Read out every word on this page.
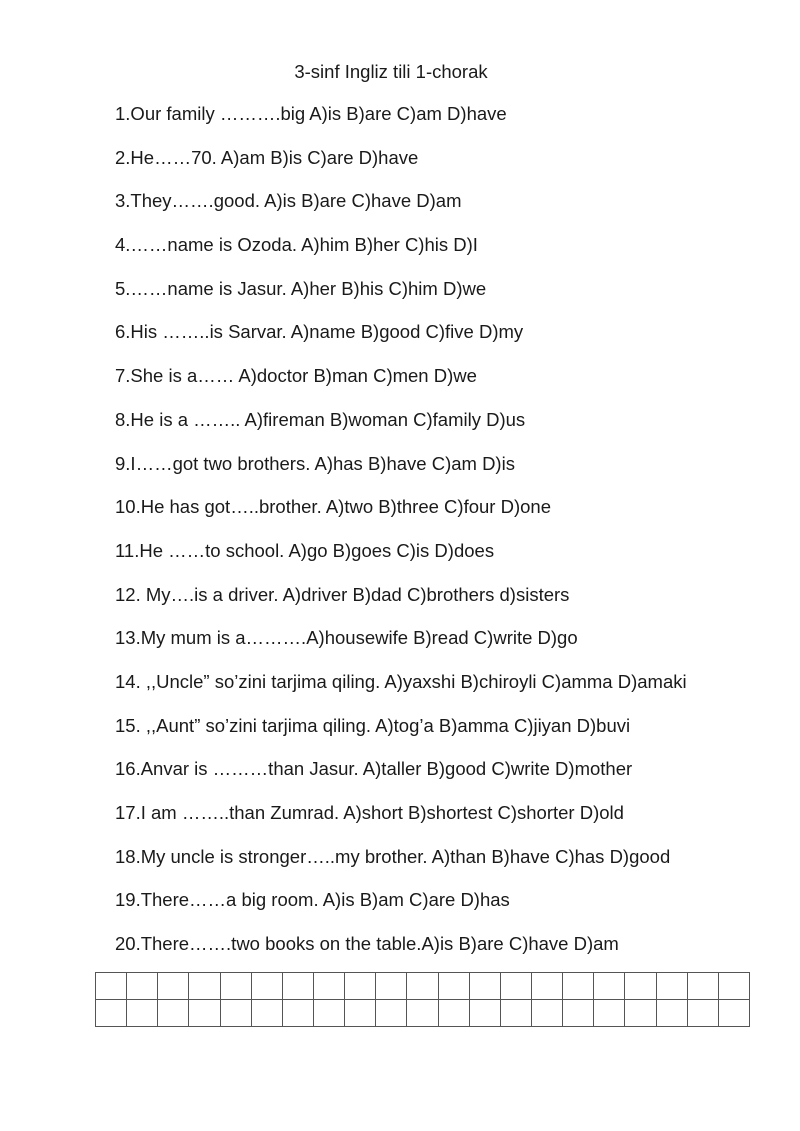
3-sinf Ingliz tili 1-chorak
1.Our family ……….big A)is B)are C)am D)have
2.He……70. A)am B)is C)are D)have
3.They…….good. A)is B)are C)have D)am
4.……name is Ozoda. A)him B)her C)his D)I
5.……name is Jasur. A)her B)his C)him D)we
6.His ……..is Sarvar. A)name B)good C)five D)my
7.She is a…… A)doctor B)man C)men D)we
8.He is a …….. A)fireman B)woman C)family D)us
9.I……got two brothers. A)has B)have C)am D)is
10.He has got…..brother. A)two B)three C)four D)one
11.He ……to school. A)go B)goes C)is D)does
12. My….is a driver. A)driver B)dad C)brothers d)sisters
13.My mum is a……….A)housewife B)read C)write D)go
14. ,,Uncle” so’zini tarjima qiling. A)yaxshi B)chiroyli C)amma D)amaki
15. ,,Aunt” so’zini tarjima qiling. A)tog’a B)amma C)jiyan D)buvi
16.Anvar is ………than Jasur. A)taller B)good C)write D)mother
17.I am ……..than Zumrad. A)short B)shortest C)shorter D)old
18.My uncle is stronger…..my brother. A)than B)have C)has D)good
19.There……a big room. A)is B)am C)are D)has
20.There…….two books on the table.A)is B)are C)have D)am
